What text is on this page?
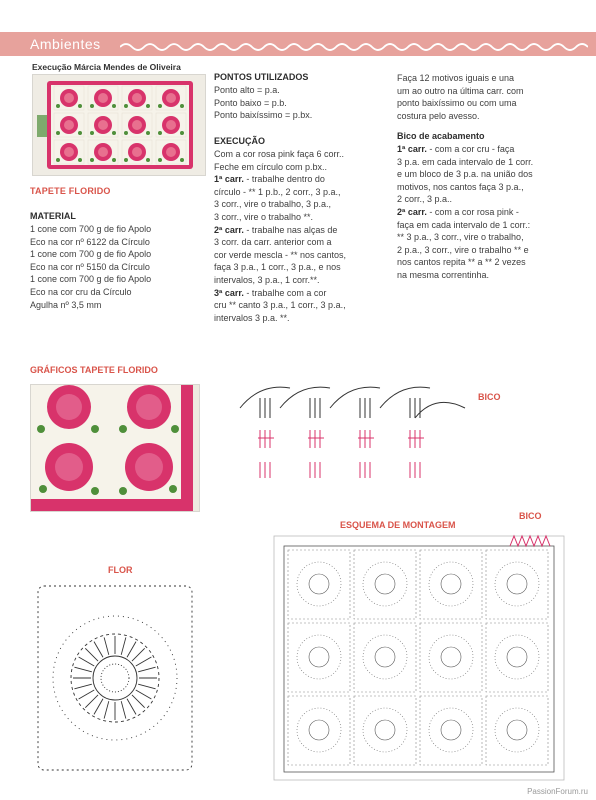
Ambientes
Execução Márcia Mendes de Oliveira
TAPETE FLORIDO
MATERIAL
1 cone com 700 g de fio Apolo
Eco na cor nº 6122 da Círculo
1 cone com 700 g de fio Apolo
Eco na cor nº 5150 da Círculo
1 cone com 700 g de fio Apolo
Eco na cor cru da Círculo
Agulha nº 3,5 mm
PONTOS UTILIZADOS
Ponto alto = p.a.
Ponto baixo = p.b.
Ponto baixíssimo = p.bx.
EXECUÇÃO
Com a cor rosa pink faça 6 corr..
Feche em círculo com p.bx..
1ª carr. - trabalhe dentro do
círculo - ** 1 p.b., 2 corr., 3 p.a.,
3 corr., vire o trabalho, 3 p.a.,
3 corr., vire o trabalho **.
2ª carr. - trabalhe nas alças de
3 corr. da carr. anterior com a
cor verde mescla - ** nos cantos,
faça 3 p.a., 1 corr., 3 p.a., e nos
intervalos, 3 p.a., 1 corr.**.
3ª carr. - trabalhe com a cor
cru ** canto 3 p.a., 1 corr., 3 p.a.,
intervalos 3 p.a. **.
Faça 12 motivos iguais e una
um ao outro na última carr. com
ponto baixíssimo ou com uma
costura pelo avesso.
Bico de acabamento
1ª carr. - com a cor cru - faça
3 p.a. em cada intervalo de 1 corr.
e um bloco de 3 p.a. na união dos
motivos, nos cantos faça 3 p.a.,
2 corr., 3 p.a..
2ª carr. - com a cor rosa pink -
faça em cada intervalo de 1 corr.:
** 3 p.a., 3 corr., vire o trabalho,
2 p.a., 3 corr., vire o trabalho ** e
nos cantos repita ** a ** 2 vezes
na mesma correntinha.
GRÁFICOS TAPETE FLORIDO
BICO
ESQUEMA DE MONTAGEM
BICO
FLOR
PassionForum.ru
